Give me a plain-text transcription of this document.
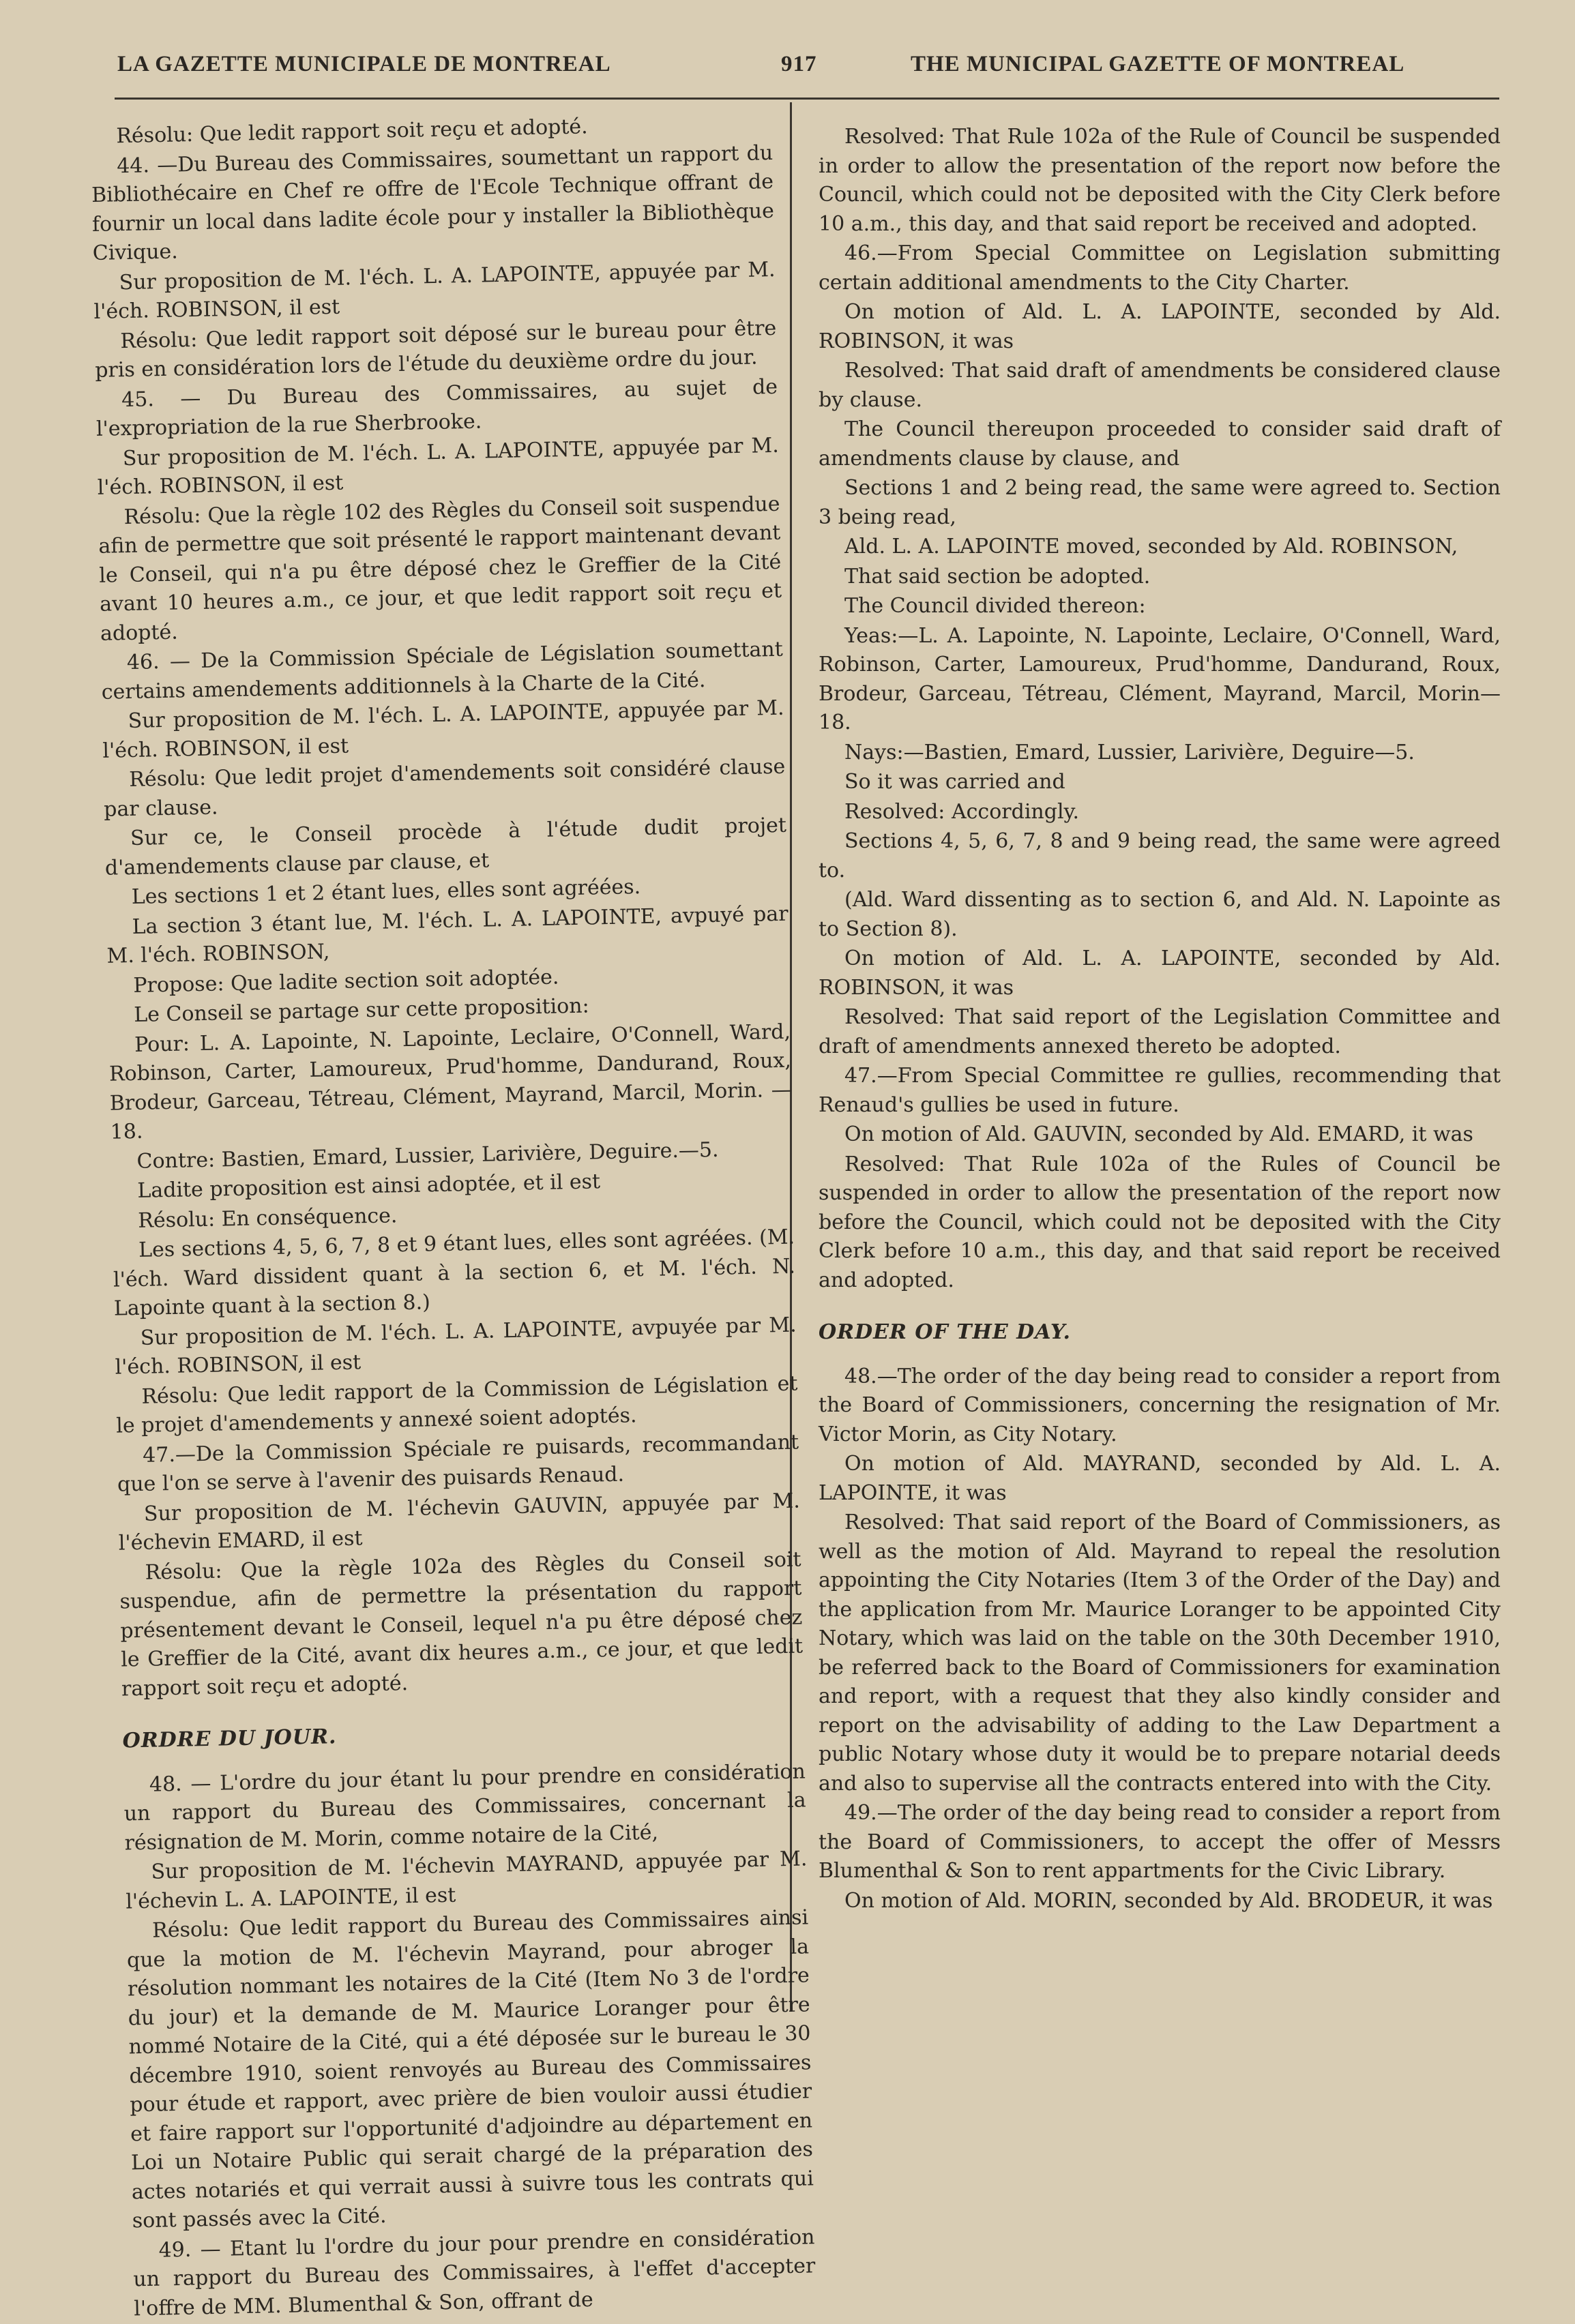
LA GAZETTE MUNICIPALE DE MONTREAL	917	THE MUNICIPAL GAZETTE OF MONTREAL

Résolu: Que ledit rapport soit reçu et adopté.

44. —Du Bureau des Commissaires, soumettant un rapport du Bibliothécaire en Chef re offre de l'Ecole Technique offrant de fournir un local dans ladite école pour y installer la Bibliothèque Civique.

Sur proposition de M. l'éch. L. A. LAPOINTE, appuyée par M. l'éch. ROBINSON, il est

Résolu: Que ledit rapport soit déposé sur le bureau pour être pris en considération lors de l'étude du deuxième ordre du jour.

45. — Du Bureau des Commissaires, au sujet de l'expropriation de la rue Sherbrooke.

Sur proposition de M. l'éch. L. A. LAPOINTE, appuyée par M. l'éch. ROBINSON, il est

Résolu: Que la règle 102 des Règles du Conseil soit suspendue afin de permettre que soit présenté le rapport maintenant devant le Conseil, qui n'a pu être déposé chez le Greffier de la Cité avant 10 heures a.m., ce jour, et que ledit rapport soit reçu et adopté.

46. — De la Commission Spéciale de Législation soumettant certains amendements additionnels à la Charte de la Cité.

Sur proposition de M. l'éch. L. A. LAPOINTE, appuyée par M. l'éch. ROBINSON, il est

Résolu: Que ledit projet d'amendements soit considéré clause par clause.

Sur ce, le Conseil procède à l'étude dudit projet d'amendements clause par clause, et

Les sections 1 et 2 étant lues, elles sont agréées.

La section 3 étant lue, M. l'éch. L. A. LAPOINTE, avpuyé par M. l'éch. ROBINSON,

Propose: Que ladite section soit adoptée.

Le Conseil se partage sur cette proposition:

Pour: L. A. Lapointe, N. Lapointe, Leclaire, O'Connell, Ward, Robinson, Carter, Lamoureux, Prud'homme, Dandurand, Roux, Brodeur, Garceau, Tétreau, Clément, Mayrand, Marcil, Morin. — 18.

Contre: Bastien, Emard, Lussier, Larivière, Deguire.—5.

Ladite proposition est ainsi adoptée, et il est

Résolu: En conséquence.

Les sections 4, 5, 6, 7, 8 et 9 étant lues, elles sont agréées. (M. l'éch. Ward dissident quant à la section 6, et M. l'éch. N. Lapointe quant à la section 8.)

Sur proposition de M. l'éch. L. A. LAPOINTE, avpuyée par M. l'éch. ROBINSON, il est

Résolu: Que ledit rapport de la Commission de Législation et le projet d'amendements y annexé soient adoptés.

47.—De la Commission Spéciale re puisards, recommandant que l'on se serve à l'avenir des puisards Renaud.

Sur proposition de M. l'échevin GAUVIN, appuyée par M. l'échevin EMARD, il est

Résolu: Que la règle 102a des Règles du Conseil soit suspendue, afin de permettre la présentation du rapport présentement devant le Conseil, lequel n'a pu être déposé chez le Greffier de la Cité, avant dix heures a.m., ce jour, et que ledit rapport soit reçu et adopté.

ORDRE DU JOUR.

48. — L'ordre du jour étant lu pour prendre en considération un rapport du Bureau des Commissaires, concernant la résignation de M. Morin, comme notaire de la Cité,

Sur proposition de M. l'échevin MAYRAND, appuyée par M. l'échevin L. A. LAPOINTE, il est

Résolu: Que ledit rapport du Bureau des Commissaires ainsi que la motion de M. l'échevin Mayrand, pour abroger la résolution nommant les notaires de la Cité (Item No 3 de l'ordre du jour) et la demande de M. Maurice Loranger pour être nommé Notaire de la Cité, qui a été déposée sur le bureau le 30 décembre 1910, soient renvoyés au Bureau des Commissaires pour étude et rapport, avec prière de bien vouloir aussi étudier et faire rapport sur l'opportunité d'adjoindre au département en Loi un Notaire Public qui serait chargé de la préparation des actes notariés et qui verrait aussi à suivre tous les contrats qui sont passés avec la Cité.

49. — Etant lu l'ordre du jour pour prendre en considération un rapport du Bureau des Commissaires, à l'effet d'accepter l'offre de MM. Blumenthal & Son, offrant de

Resolved: That Rule 102a of the Rule of Council be suspended in order to allow the presentation of the report now before the Council, which could not be deposited with the City Clerk before 10 a.m., this day, and that said report be received and adopted.

46.—From Special Committee on Legislation submitting certain additional amendments to the City Charter.

On motion of Ald. L. A. LAPOINTE, seconded by Ald. ROBINSON, it was

Resolved: That said draft of amendments be considered clause by clause.

The Council thereupon proceeded to consider said draft of amendments clause by clause, and

Sections 1 and 2 being read, the same were agreed to. Section 3 being read,

Ald. L. A. LAPOINTE moved, seconded by Ald. ROBINSON,

That said section be adopted.

The Council divided thereon:

Yeas:—L. A. Lapointe, N. Lapointe, Leclaire, O'Connell, Ward, Robinson, Carter, Lamoureux, Prud'homme, Dandurand, Roux, Brodeur, Garceau, Tétreau, Clément, Mayrand, Marcil, Morin—18.

Nays:—Bastien, Emard, Lussier, Larivière, Deguire—5.

So it was carried and

Resolved: Accordingly.

Sections 4, 5, 6, 7, 8 and 9 being read, the same were agreed to.

(Ald. Ward dissenting as to section 6, and Ald. N. Lapointe as to Section 8).

On motion of Ald. L. A. LAPOINTE, seconded by Ald. ROBINSON, it was

Resolved: That said report of the Legislation Committee and draft of amendments annexed thereto be adopted.

47.—From Special Committee re gullies, recommending that Renaud's gullies be used in future.

On motion of Ald. GAUVIN, seconded by Ald. EMARD, it was

Resolved: That Rule 102a of the Rules of Council be suspended in order to allow the presentation of the report now before the Council, which could not be deposited with the City Clerk before 10 a.m., this day, and that said report be received and adopted.

ORDER OF THE DAY.

48.—The order of the day being read to consider a report from the Board of Commissioners, concerning the resignation of Mr. Victor Morin, as City Notary.

On motion of Ald. MAYRAND, seconded by Ald. L. A. LAPOINTE, it was

Resolved: That said report of the Board of Commissioners, as well as the motion of Ald. Mayrand to repeal the resolution appointing the City Notaries (Item 3 of the Order of the Day) and the application from Mr. Maurice Loranger to be appointed City Notary, which was laid on the table on the 30th December 1910, be referred back to the Board of Commissioners for examination and report, with a request that they also kindly consider and report on the advisability of adding to the Law Department a public Notary whose duty it would be to prepare notarial deeds and also to supervise all the contracts entered into with the City.

49.—The order of the day being read to consider a report from the Board of Commissioners, to accept the offer of Messrs Blumenthal & Son to rent appartments for the Civic Library.

On motion of Ald. MORIN, seconded by Ald. BRODEUR, it was
